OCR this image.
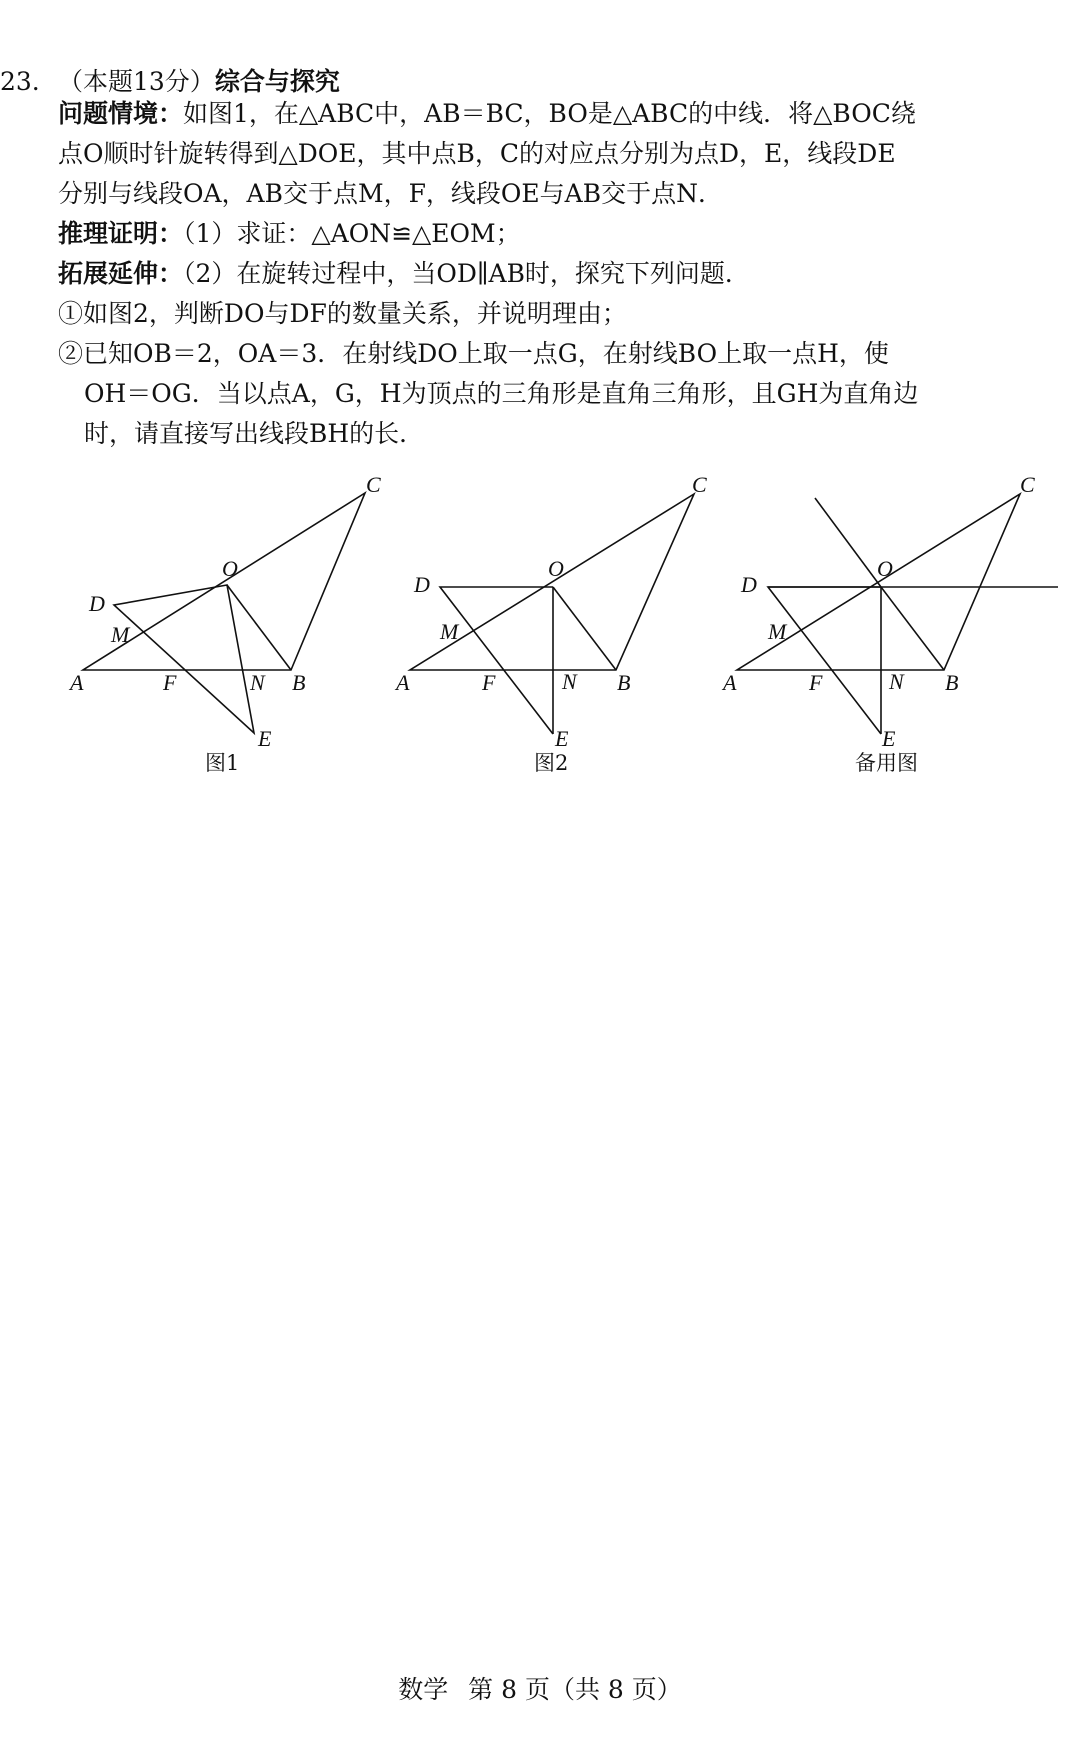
23. （本题13分）综合与探究
问题情境：如图1，在△ABC中，AB＝BC，BO是△ABC的中线．将△BOC绕
点O顺时针旋转得到△DOE，其中点B，C的对应点分别为点D，E，线段DE
分别与线段OA，AB交于点M，F，线段OE与AB交于点N．
推理证明：（1）求证：△AON≌△EOM；
拓展延伸：（2）在旋转过程中，当OD∥AB时，探究下列问题．
①如图2，判断DO与DF的数量关系，并说明理由；
②已知OB＝2，OA＝3．在射线DO上取一点G，在射线BO上取一点H，使
OH＝OG．当以点A，G，H为顶点的三角形是直角三角形，且GH为直角边
时，请直接写出线段BH的长．
A	B
C
D
E
F
M
N
O
图1
A	B
C
D
E
F
M
N
O
图2
A	B
C
D
E
F
M
N
O
备用图
数学 第 8 页（共 8 页）
